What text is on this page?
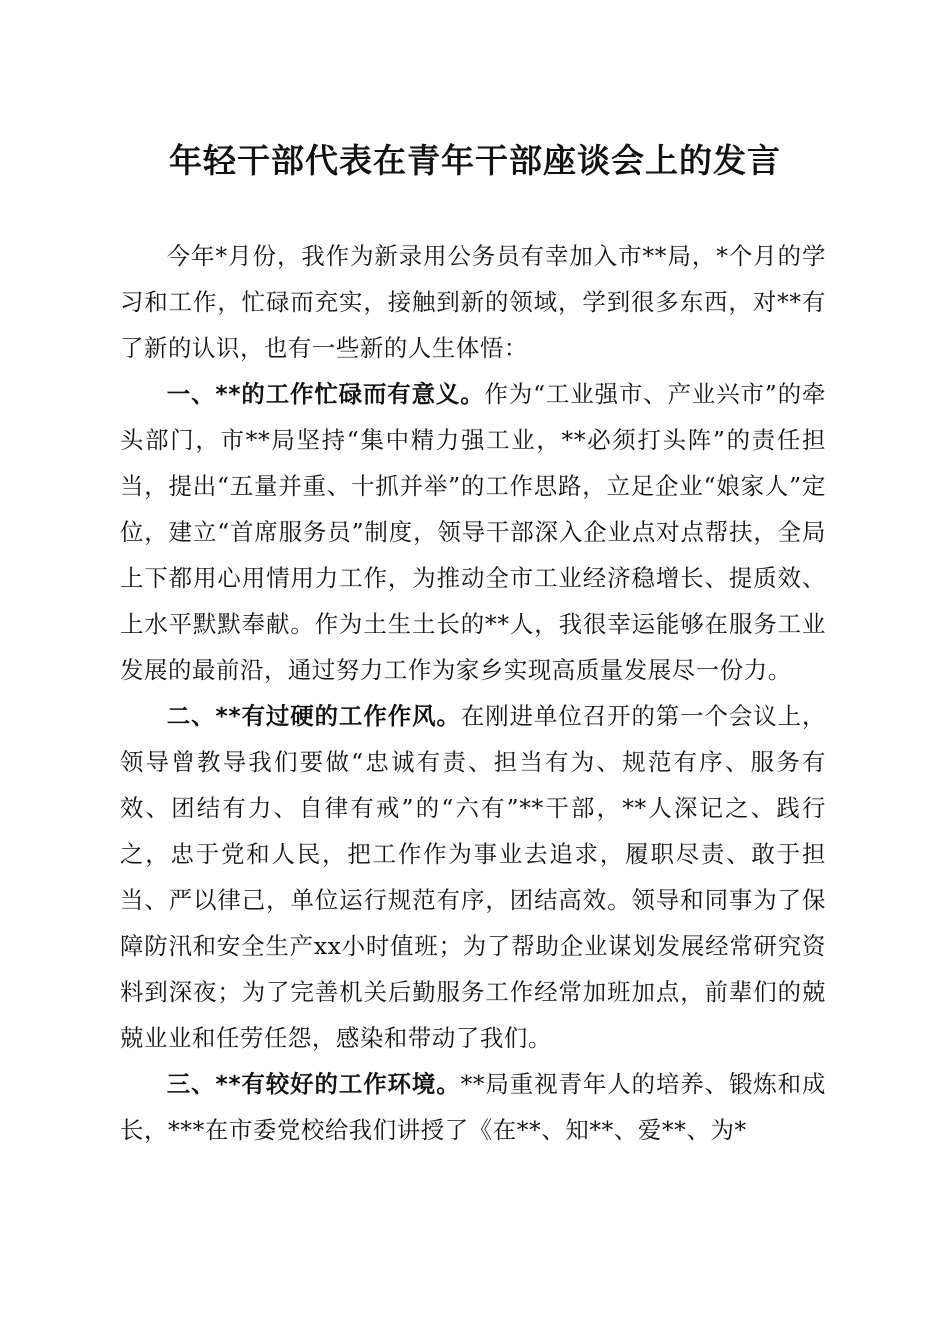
年轻干部代表在青年干部座谈会上的发言

今年*月份，我作为新录用公务员有幸加入市**局，*个月的学习和工作，忙碌而充实，接触到新的领域，学到很多东西，对**有了新的认识，也有一些新的人生体悟：

一、**的工作忙碌而有意义。作为“工业强市、产业兴市”的牵头部门，市**局坚持“集中精力强工业，**必须打头阵”的责任担当，提出“五量并重、十抓并举”的工作思路，立足企业“娘家人”定位，建立“首席服务员”制度，领导干部深入企业点对点帮扶，全局上下都用心用情用力工作，为推动全市工业经济稳增长、提质效、上水平默默奉献。作为土生土长的**人，我很幸运能够在服务工业发展的最前沿，通过努力工作为家乡实现高质量发展尽一份力。

二、**有过硬的工作作风。在刚进单位召开的第一个会议上，领导曾教导我们要做“忠诚有责、担当有为、规范有序、服务有效、团结有力、自律有戒”的“六有”**干部，**人深记之、践行之，忠于党和人民，把工作作为事业去追求，履职尽责、敢于担当、严以律己，单位运行规范有序，团结高效。领导和同事为了保障防汛和安全生产xx小时值班；为了帮助企业谋划发展经常研究资料到深夜；为了完善机关后勤服务工作经常加班加点，前辈们的兢兢业业和任劳任怨，感染和带动了我们。

三、**有较好的工作环境。**局重视青年人的培养、锻炼和成长，***在市委党校给我们讲授了《在**、知**、爱**、为*
